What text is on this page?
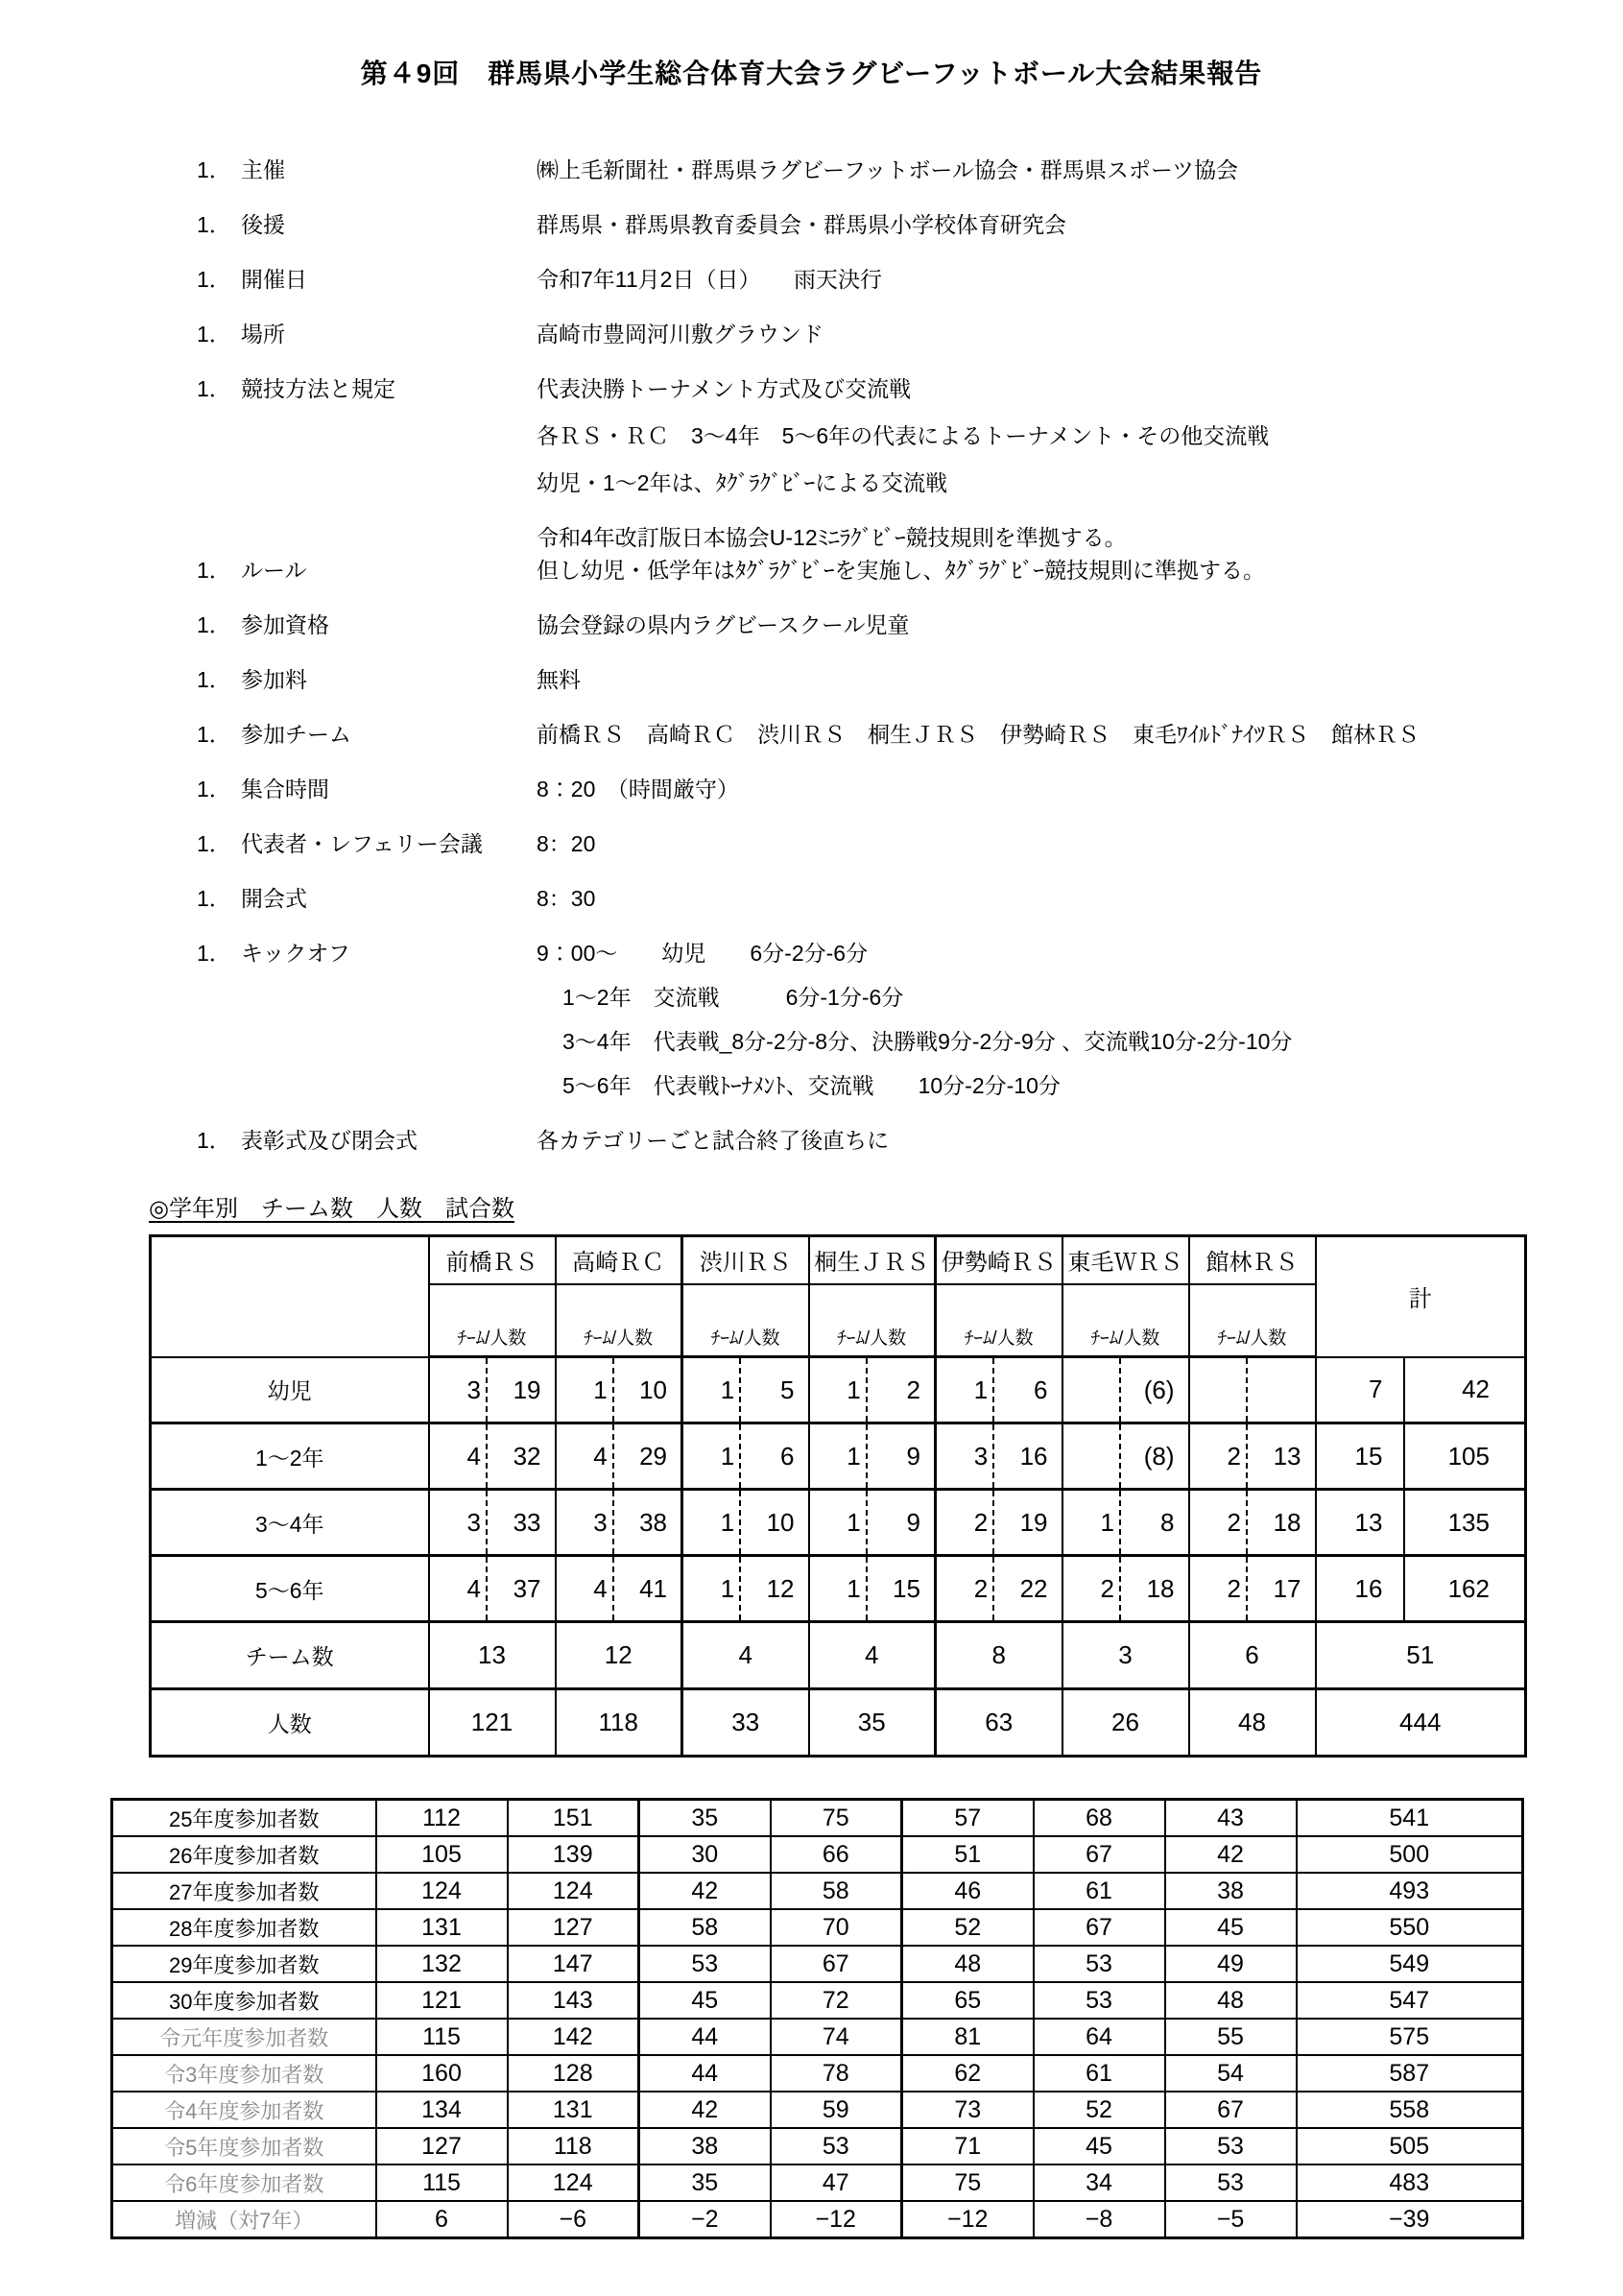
第４9回　群馬県小学生総合体育大会ラグビーフットボール大会結果報告
1． 主催	㈱上毛新聞社・群馬県ラグビーフットボール協会・群馬県スポーツ協会
1． 後援	群馬県・群馬県教育委員会・群馬県小学校体育研究会
1． 開催日	令和7年11月2日（日）　　雨天決行
1． 場所	高崎市豊岡河川敷グラウンド
1． 競技方法と規定	代表決勝トーナメント方式及び交流戦
各ＲＳ・ＲＣ　3～4年　5～6年の代表によるトーナメント・その他交流戦
幼児・1～2年は、ﾀｸﾞﾗｸﾞﾋﾞｰによる交流戦
1． ルール
令和4年改訂版日本協会U-12ﾐﾆﾗｸﾞﾋﾞｰ競技規則を準拠する。
但し幼児・低学年はﾀｸﾞﾗｸﾞﾋﾞｰを実施し、ﾀｸﾞﾗｸﾞﾋﾞｰ競技規則に準拠する。
1． 参加資格	協会登録の県内ラグビースクール児童
1． 参加料	無料
1． 参加チーム	前橋ＲＳ　高崎ＲＣ　渋川ＲＳ　桐生ＪＲＳ　伊勢崎ＲＳ　東毛ﾜｲﾙﾄﾞﾅｲﾂＲＳ　館林ＲＳ
1． 集合時間	8：20　（時間厳守）
1． 代表者・レフェリー会議	8：20
1． 開会式	8：30
1． キックオフ	9：00～　　幼児　　6分-2分-6分
1～2年　交流戦　　　6分-1分-6分
3～4年　代表戦_8分-2分-8分、決勝戦9分-2分-9分 、交流戦10分-2分-10分
5～6年　代表戦ﾄｰﾅﾒﾝﾄ、交流戦　　10分-2分-10分
1． 表彰式及び閉会式	各カテゴリーごと試合終了後直ちに
◎学年別　チーム数　人数　試合数
	前橋ＲＳ	高崎ＲＣ	渋川ＲＳ	桐生ＪＲＳ	伊勢崎ＲＳ	東毛ＷＲＳ	館林ＲＳ	計
	ﾁｰﾑ/人数	ﾁｰﾑ/人数	ﾁｰﾑ/人数	ﾁｰﾑ/人数	ﾁｰﾑ/人数	ﾁｰﾑ/人数	ﾁｰﾑ/人数	
幼児	3 19	1 10	1 5	1 2	1 6	(6)		7 42

1～2年	4 32	4 29	1 6	1 9	3 16	(8)	2 13	15 105

3～4年	3 33	3 38	1 10	1 9	2 19	1 8	2 18	13 135

5～6年	4 37	4 41	1 12	1 15	2 22	2 18	2 17	16 162

チーム数	13	12	4	4	8	3	6	51
人数	121	118	33	35	63	26	48	444
25年度参加者数	112	151	35	75	57	68	43	541
26年度参加者数	105	139	30	66	51	67	42	500
27年度参加者数	124	124	42	58	46	61	38	493
28年度参加者数	131	127	58	70	52	67	45	550
29年度参加者数	132	147	53	67	48	53	49	549
30年度参加者数	121	143	45	72	65	53	48	547
令元年度参加者数	115	142	44	74	81	64	55	575
令3年度参加者数	160	128	44	78	62	61	54	587
令4年度参加者数	134	131	42	59	73	52	67	558
令5年度参加者数	127	118	38	53	71	45	53	505
令6年度参加者数	115	124	35	47	75	34	53	483
増減（対7年）	6	−6	−2	−12	−12	−8	−5	−39
